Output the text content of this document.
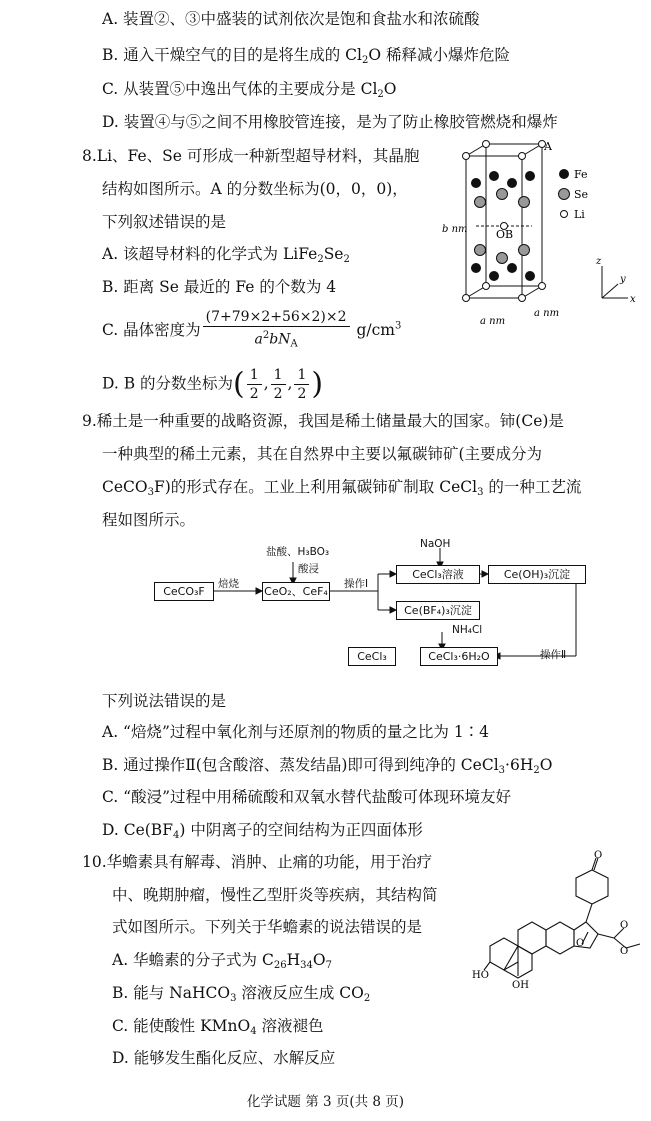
A. 装置②、③中盛装的试剂依次是饱和食盐水和浓硫酸
B. 通入干燥空气的目的是将生成的 $Cl_2O$ 稀释减小爆炸危险
C. 从装置⑤中逸出气体的主要成分是 $Cl_2O$
D. 装置④与⑤之间不用橡胶管连接，是为了防止橡胶管燃烧和爆炸
8.Li、Fe、Se 可形成一种新型超导材料，其晶胞
结构如图所示。A 的分数坐标为(0，0，0)，
下列叙述错误的是
A. 该超导材料的化学式为 $LiFe_2Se_2$
B. 距离 Se 最近的 Fe 的个数为 4
C. 晶体密度为 $\frac{(7+79\times 2+56\times 2)\times 2}{a^2bN_A} g/cm^3$
D. B 的分数坐标为( $\frac{1}{2}$ , $\frac{1}{2}$ , $\frac{1}{2}$ )
A
OB
b nm
a nm
a nm
Fe
Se
Li
z
y
x
9.稀土是一种重要的战略资源，我国是稀土储量最大的国家。铈(Ce)是
一种典型的稀土元素，其在自然界中主要以氟碳铈矿(主要成分为
CeCO$_3$F)的形式存在。工业上利用氟碳铈矿制取 CeCl$_3$ 的一种工艺流
程如图所示。
CeCO₃F	CeO₂、CeF₄
CeCl₃溶液	Ce(OH)₃沉淀
Ce(BF₄)₃沉淀
CeCl₃·6H₂O
CeCl₃
焙烧
盐酸、H₃BO₃
酸浸
操作Ⅰ
NaOH
NH₄Cl
操作Ⅱ
下列说法错误的是
A. “焙烧”过程中氧化剂与还原剂的物质的量之比为 1∶4
B. 通过操作Ⅱ(包含酸溶、蒸发结晶)即可得到纯净的 $CeCl_3\cdot 6H_2O$
C. “酸浸”过程中用稀硫酸和双氧水替代盐酸可体现环境友好
D. $Ce(BF_4)$ 中阴离子的空间结构为正四面体形
10.华蟾素具有解毒、消肿、止痛的功能，用于治疗
中、晚期肿瘤，慢性乙型肝炎等疾病，其结构简
式如图所示。下列关于华蟾素的说法错误的是
A. 华蟾素的分子式为 $C_{26}H_{34}O_7$
B. 能与 NaHCO$_3$ 溶液反应生成 $CO_2$
C. 能使酸性 KMnO$_4$ 溶液褪色
D. 能够发生酯化反应、水解反应
O
O
O
O
HO
OH
化学试题 第 3 页(共 8 页)
